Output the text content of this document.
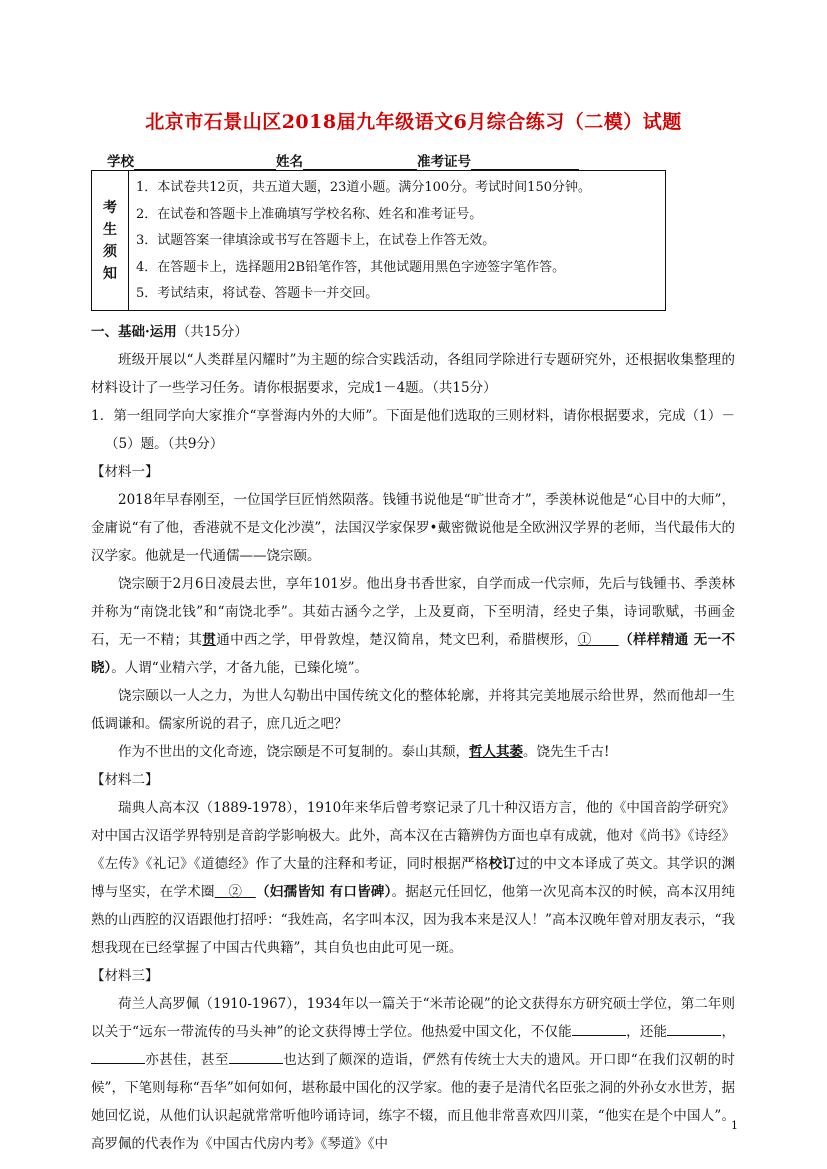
北京市石景山区2018届九年级语文6月综合练习（二模）试题
学校	姓名	准考证号
考
生
须
知
1．本试卷共12页，共五道大题，23道小题。满分100分。考试时间150分钟。
2．在试卷和答题卡上准确填写学校名称、姓名和准考证号。
3．试题答案一律填涂或书写在答题卡上，在试卷上作答无效。
4．在答题卡上，选择题用2B铅笔作答，其他试题用黑色字迹签字笔作答。
5．考试结束，将试卷、答题卡一并交回。

一、基础·运用（共15分）

班级开展以“人类群星闪耀时”为主题的综合实践活动，各组同学除进行专题研究外，还根据收集整理的材料设计了一些学习任务。请你根据要求，完成1－4题。（共15分）

1．第一组同学向大家推介“享誉海内外的大师”。下面是他们选取的三则材料，请你根据要求，完成（1）－（5）题。（共9分）

【材料一】

2018年早春刚至，一位国学巨匠悄然陨落。钱锺书说他是“旷世奇才”，季羡林说他是“心目中的大师”，金庸说“有了他，香港就不是文化沙漠”，法国汉学家保罗•戴密微说他是全欧洲汉学界的老师，当代最伟大的汉学家。他就是一代通儒——饶宗颐。

饶宗颐于2月6日凌晨去世，享年101岁。他出身书香世家，自学而成一代宗师，先后与钱锺书、季羡林并称为“南饶北钱”和“南饶北季”。其茹古涵今之学，上及夏商，下至明清，经史子集，诗词歌赋，书画金石，无一不精；其贯通中西之学，甲骨敦煌，楚汉简帛，梵文巴利，希腊楔形，①   （样样精通 无一不晓）。人谓“业精六学，才备九能，已臻化境”。

饶宗颐以一人之力，为世人勾勒出中国传统文化的整体轮廓，并将其完美地展示给世界，然而他却一生低调谦和。儒家所说的君子，庶几近之吧？

作为不世出的文化奇迹，饶宗颐是不可复制的。泰山其颓，哲人其萎。饶先生千古!

【材料二】

瑞典人高本汉（1889-1978），1910年来华后曾考察记录了几十种汉语方言，他的《中国音韵学研究》对中国古汉语学界特别是音韵学影响极大。此外，高本汉在古籍辨伪方面也卓有成就，他对《尚书》《诗经》《左传》《礼记》《道德经》作了大量的注释和考证，同时根据严格校订过的中文本译成了英文。其学识的渊博与坚实，在学术圈  ②  （妇孺皆知 有口皆碑）。据赵元任回忆，他第一次见高本汉的时候，高本汉用纯熟的山西腔的汉语跟他打招呼：“我姓高，名字叫本汉，因为我本来是汉人！”高本汉晚年曾对朋友表示，“我想我现在已经掌握了中国古代典籍”，其自负也由此可见一斑。

【材料三】

荷兰人高罗佩（1910-1967），1934年以一篇关于“米芾论砚”的论文获得东方研究硕士学位，第二年则以关于“远东一带流传的马头神”的论文获得博士学位。他热爱中国文化，不仅能	，还能	，亦甚佳，甚至	也达到了颇深的造诣，俨然有传统士大夫的遗风。开口即“在我们汉朝的时候”，下笔则每称“吾华”如何如何，堪称最中国化的汉学家。他的妻子是清代名臣张之洞的外孙女水世芳，据她回忆说，从他们认识起就常常听他吟诵诗词，练字不辍，而且他非常喜欢四川菜，“他实在是个中国人”。高罗佩的代表作为《中国古代房内考》《琴道》《中

1
